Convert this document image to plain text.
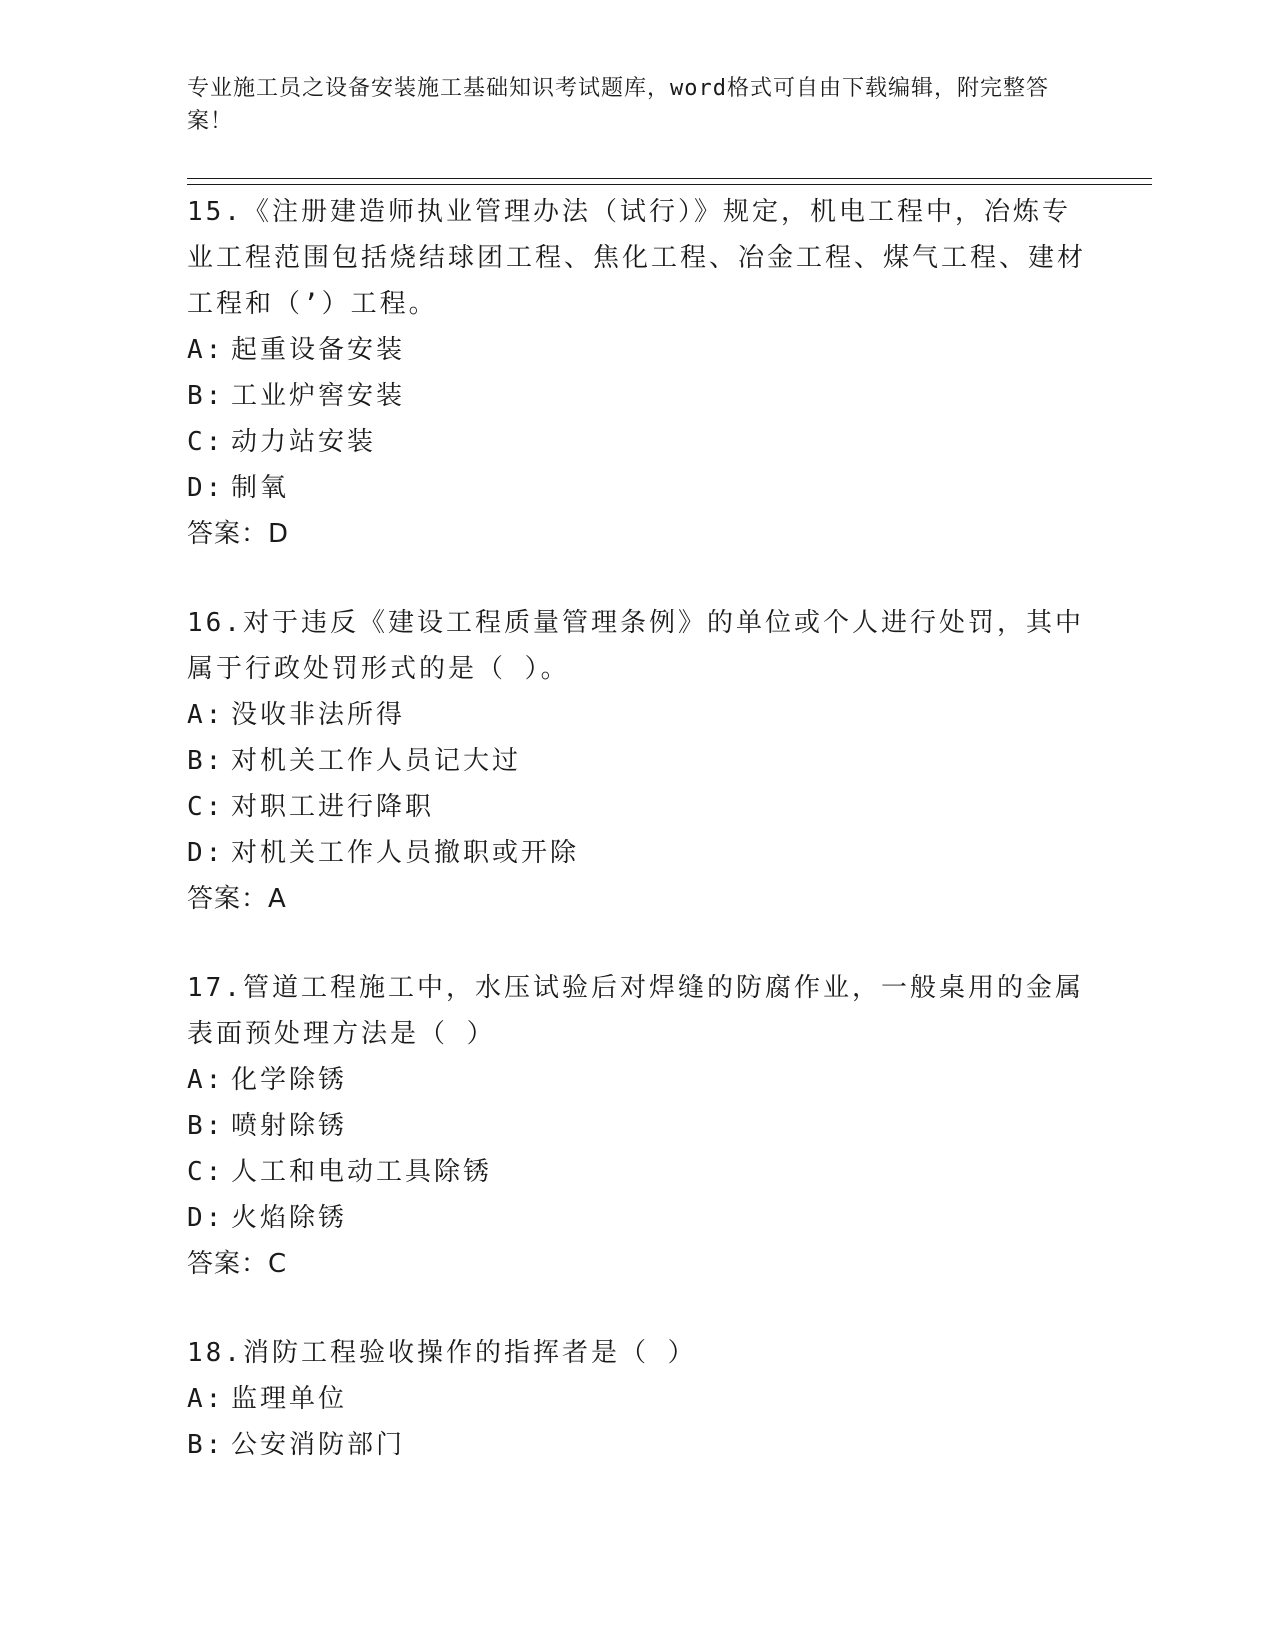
专业施工员之设备安装施工基础知识考试题库，word格式可自由下载编辑，附完整答案！
15.《注册建造师执业管理办法（试行）》规定，机电工程中，冶炼专业工程范围包括烧结球团工程、焦化工程、冶金工程、煤气工程、建材工程和（’）工程。
A: 起重设备安装
B: 工业炉窖安装
C: 动力站安装
D: 制氧
答案：D
16.对于违反《建设工程质量管理条例》的单位或个人进行处罚，其中属于行政处罚形式的是（ ）。
A: 没收非法所得
B: 对机关工作人员记大过
C: 对职工进行降职
D: 对机关工作人员撤职或开除
答案：A
17.管道工程施工中，水压试验后对焊缝的防腐作业，一般桌用的金属表面预处理方法是（ ）
A: 化学除锈
B: 喷射除锈
C: 人工和电动工具除锈
D: 火焰除锈
答案：C
18.消防工程验收操作的指挥者是（ ）
A: 监理单位
B: 公安消防部门
